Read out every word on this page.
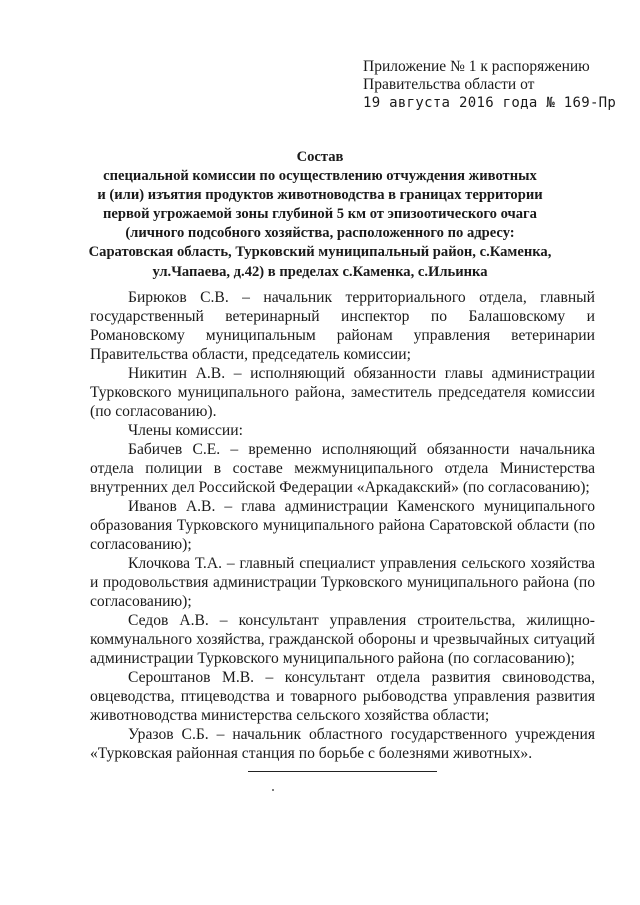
Приложение № 1 к распоряжению
Правительства области от
19 августа 2016 года № 169-Пр
Состав
специальной комиссии по осуществлению отчуждения животных
и (или) изъятия продуктов животноводства в границах территории
первой угрожаемой зоны глубиной 5 км от эпизоотического очага
(личного подсобного хозяйства, расположенного по адресу:
Саратовская область, Турковский муниципальный район, с.Каменка,
ул.Чапаева, д.42) в пределах с.Каменка, с.Ильинка

Бирюков С.В. – начальник территориального отдела, главный государственный ветеринарный инспектор по Балашовскому и Романовскому муниципальным районам управления ветеринарии Правительства области, председатель комиссии;

Никитин А.В. – исполняющий обязанности главы администрации Турковского муниципального района, заместитель председателя комиссии (по согласованию).

Члены комиссии:

Бабичев С.Е. – временно исполняющий обязанности начальника отдела полиции в составе межмуниципального отдела Министерства внутренних дел Российской Федерации «Аркадакский» (по согласованию);

Иванов А.В. – глава администрации Каменского муниципального образования Турковского муниципального района Саратовской области (по согласованию);

Клочкова Т.А. – главный специалист управления сельского хозяйства и продовольствия администрации Турковского муниципального района (по согласованию);

Седов А.В. – консультант управления строительства, жилищно-коммунального хозяйства, гражданской обороны и чрезвычайных ситуаций администрации Турковского муниципального района (по согласованию);

Сероштанов М.В. – консультант отдела развития свиноводства, овцеводства, птицеводства и товарного рыбоводства управления развития животноводства министерства сельского хозяйства области;

Уразов С.Б. – начальник областного государственного учреждения «Турковская районная станция по борьбе с болезнями животных».
